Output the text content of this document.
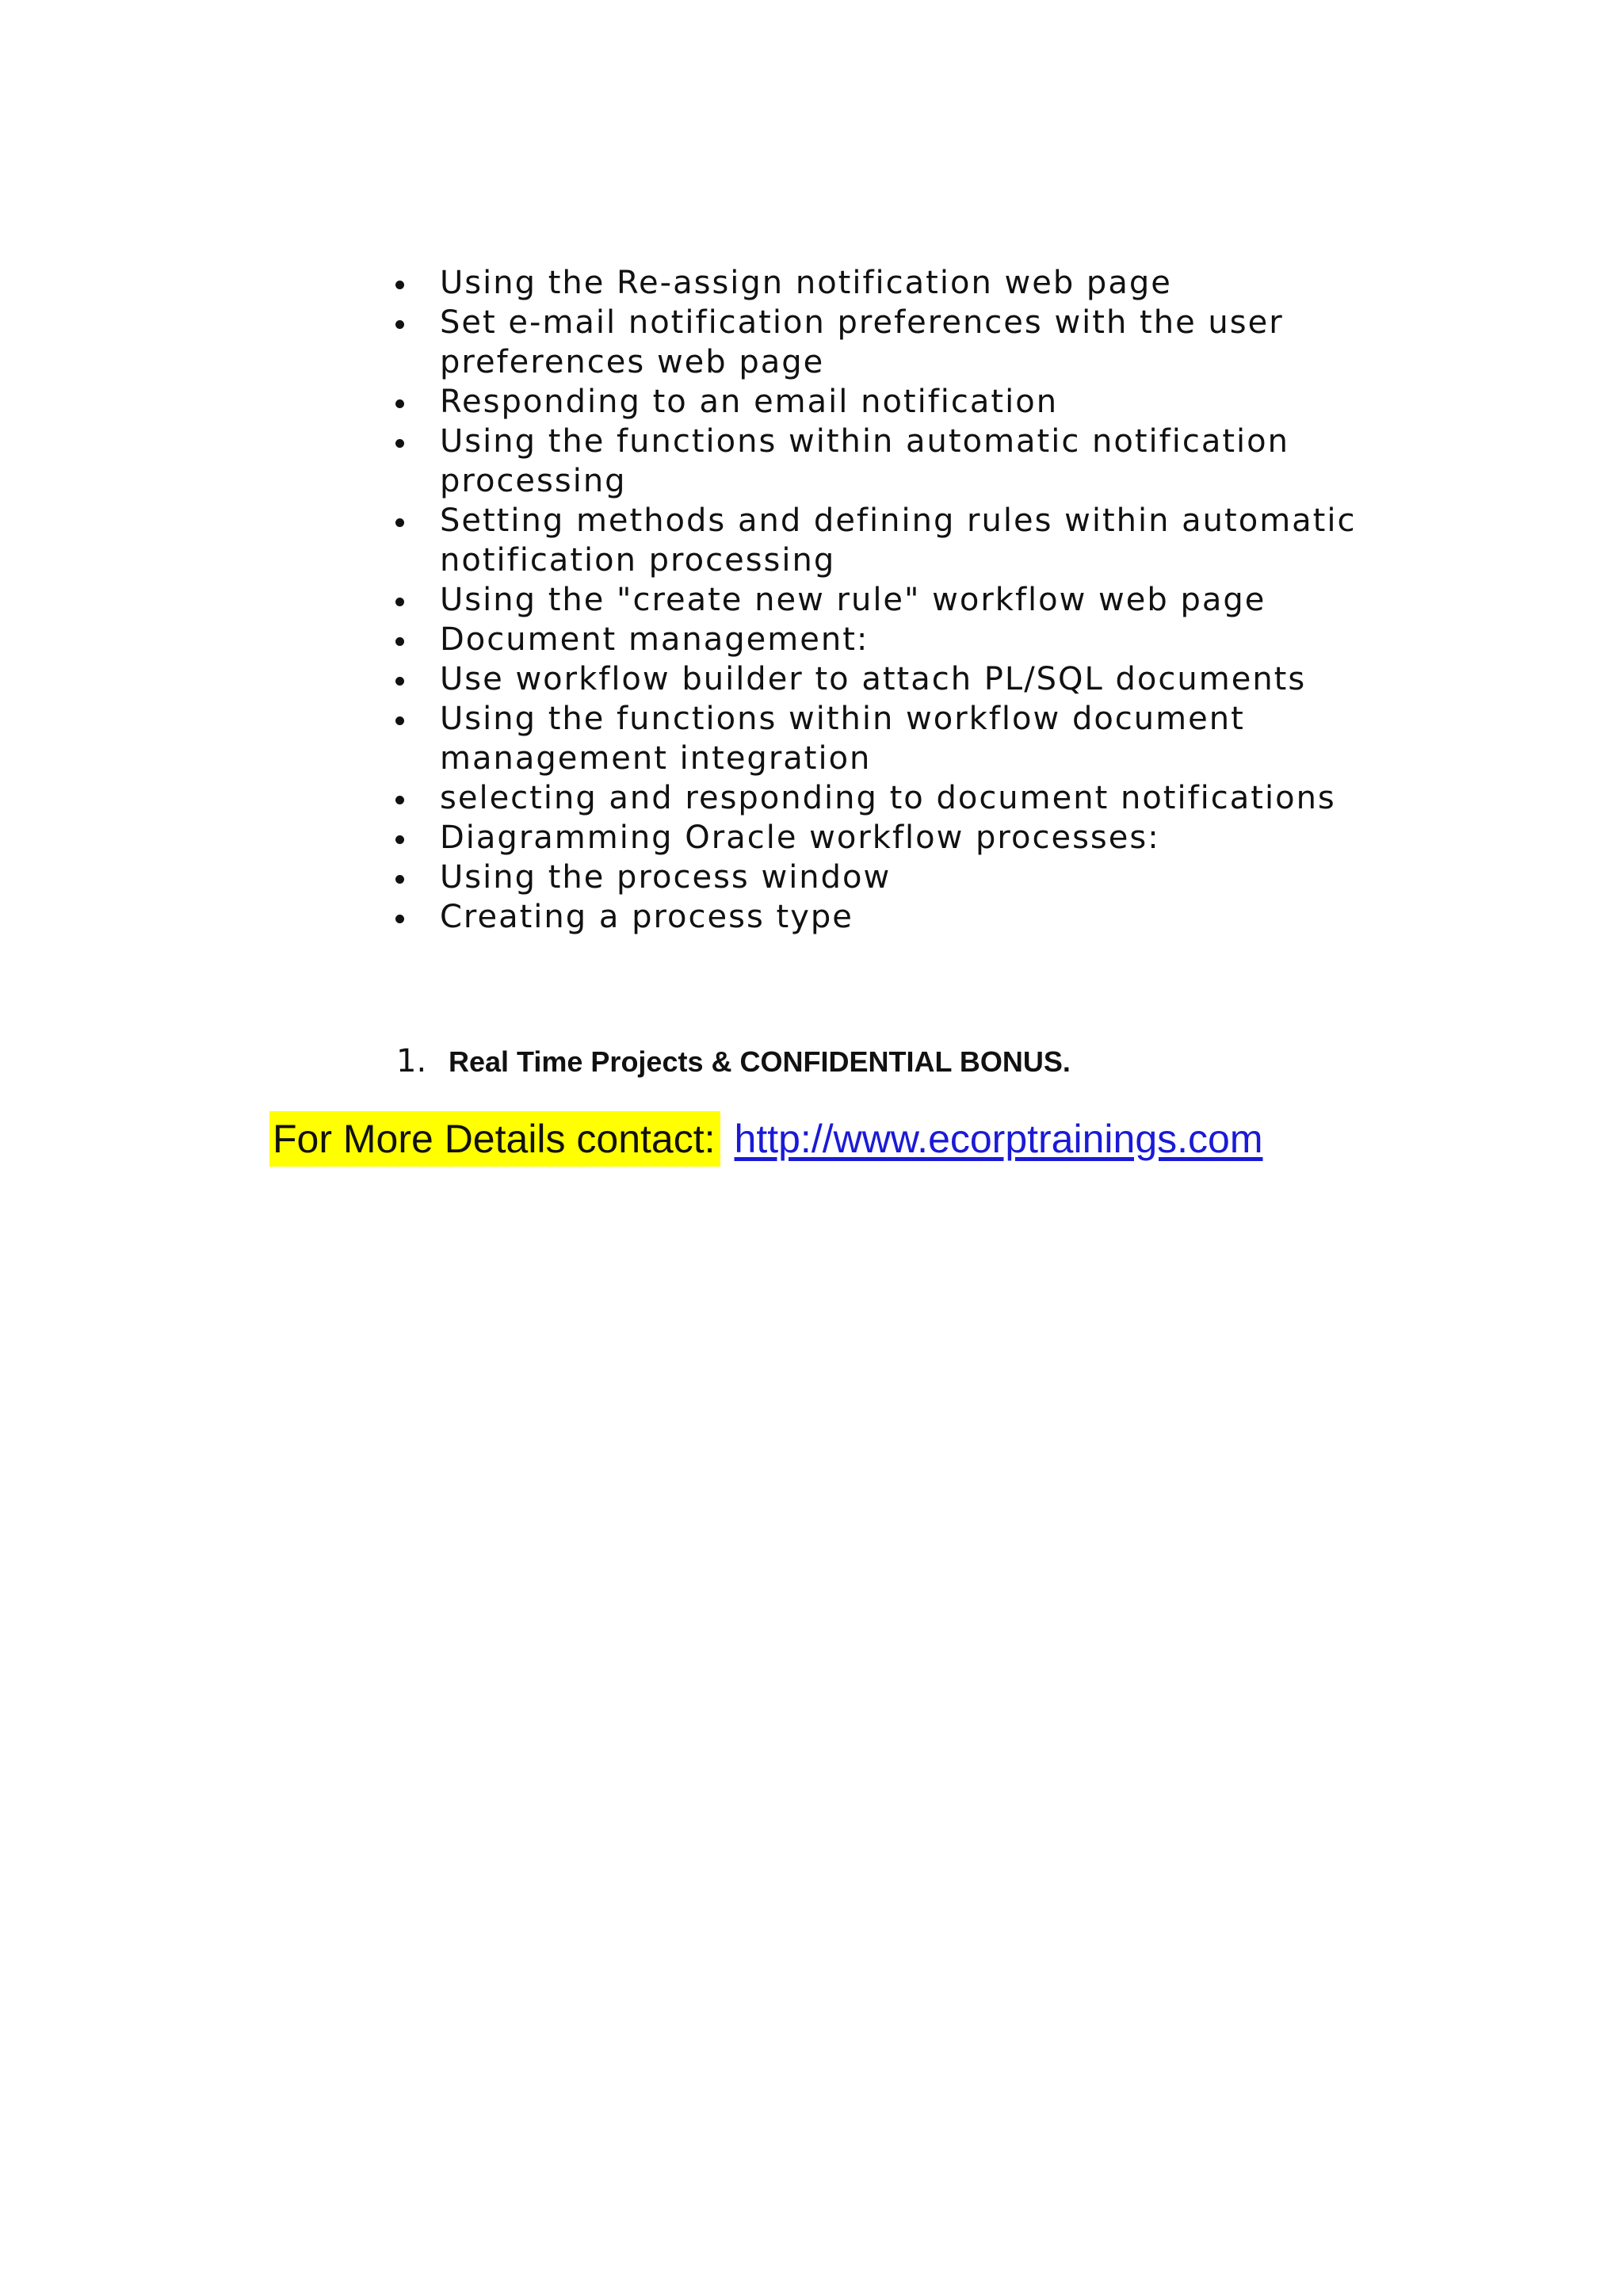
Using the Re-assign notification web page
Set e-mail notification preferences with the user preferences web page
Responding to an email notification
Using the functions within automatic notification processing
Setting methods and defining rules within automatic notification processing
Using the "create new rule" workflow web page
Document management:
Use workflow builder to attach PL/SQL documents
Using the functions within workflow document management integration
selecting and responding to document notifications
Diagramming Oracle workflow processes:
Using the process window
Creating a process type
1. Real Time Projects & CONFIDENTIAL BONUS.
For More Details contact: http://www.ecorptrainings.com
